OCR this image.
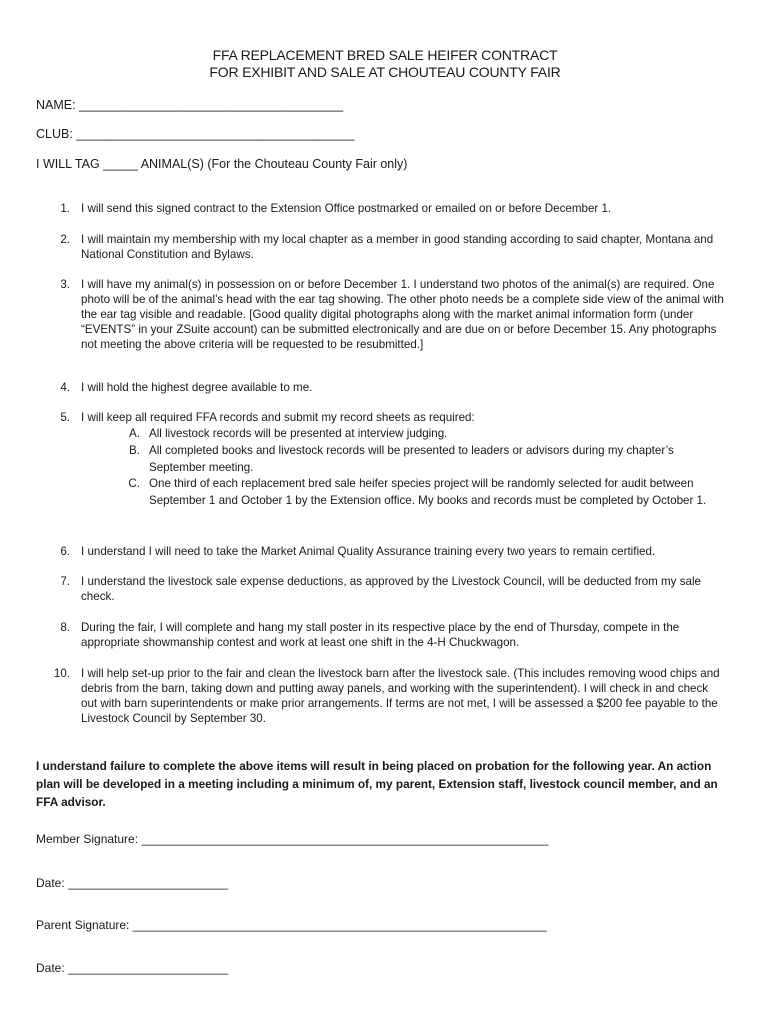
FFA REPLACEMENT BRED SALE HEIFER CONTRACT
FOR EXHIBIT AND SALE AT CHOUTEAU COUNTY FAIR
NAME: ______________________________________
CLUB: ________________________________________
I WILL TAG _____ ANIMAL(S) (For the Chouteau County Fair only)
1. I will send this signed contract to the Extension Office postmarked or emailed on or before December 1.
2. I will maintain my membership with my local chapter as a member in good standing according to said chapter, Montana and National Constitution and Bylaws.
3. I will have my animal(s) in possession on or before December 1. I understand two photos of the animal(s) are required. One photo will be of the animal’s head with the ear tag showing. The other photo needs be a complete side view of the animal with the ear tag visible and readable. [Good quality digital photographs along with the market animal information form (under “EVENTS” in your ZSuite account) can be submitted electronically and are due on or before December 15. Any photographs not meeting the above criteria will be requested to be resubmitted.]
4. I will hold the highest degree available to me.
5. I will keep all required FFA records and submit my record sheets as required:
A. All livestock records will be presented at interview judging.
B. All completed books and livestock records will be presented to leaders or advisors during my chapter’s September meeting.
C. One third of each replacement bred sale heifer species project will be randomly selected for audit between September 1 and October 1 by the Extension office. My books and records must be completed by October 1.
6. I understand I will need to take the Market Animal Quality Assurance training every two years to remain certified.
7. I understand the livestock sale expense deductions, as approved by the Livestock Council, will be deducted from my sale check.
8. During the fair, I will complete and hang my stall poster in its respective place by the end of Thursday, compete in the appropriate showmanship contest and work at least one shift in the 4-H Chuckwagon.
10. I will help set-up prior to the fair and clean the livestock barn after the livestock sale. (This includes removing wood chips and debris from the barn, taking down and putting away panels, and working with the superintendent). I will check in and check out with barn superintendents or make prior arrangements. If terms are not met, I will be assessed a $200 fee payable to the Livestock Council by September 30.
I understand failure to complete the above items will result in being placed on probation for the following year. An action plan will be developed in a meeting including a minimum of, my parent, Extension staff, livestock council member, and an FFA advisor.
Member Signature: _____________________________________________________________
Date: ________________________
Parent Signature: ______________________________________________________________
Date: ________________________
